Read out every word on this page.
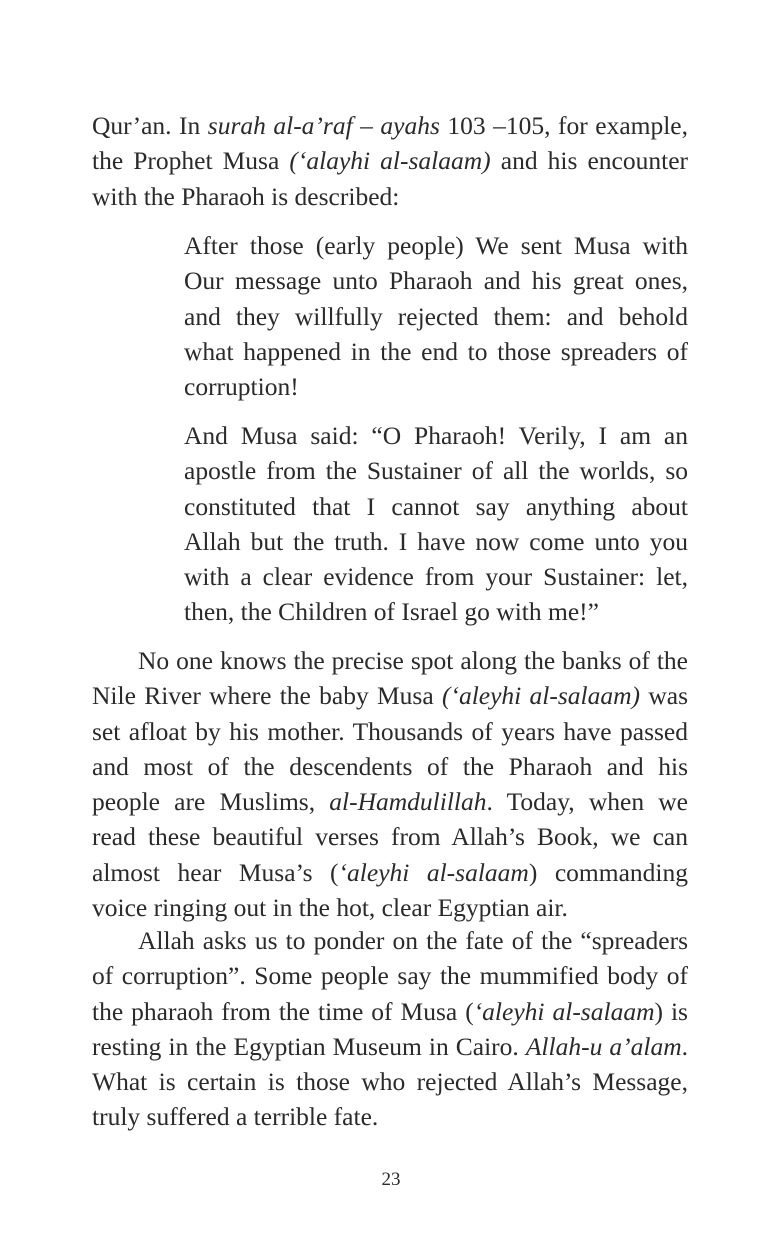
Qur’an. In surah al-a’raf – ayahs 103 –105, for example, the Prophet Musa (‘alayhi al-salaam) and his encounter with the Pharaoh is described:

After those (early people) We sent Musa with Our message unto Pharaoh and his great ones, and they willfully rejected them: and behold what happened in the end to those spreaders of corruption!

And Musa said: “O Pharaoh! Verily, I am an apostle from the Sustainer of all the worlds, so constituted that I cannot say anything about Allah but the truth. I have now come unto you with a clear evidence from your Sustainer: let, then, the Children of Israel go with me!”

No one knows the precise spot along the banks of the Nile River where the baby Musa (‘aleyhi al-salaam) was set afloat by his mother. Thousands of years have passed and most of the descendents of the Pharaoh and his people are Muslims, al-Hamdulillah. Today, when we read these beautiful verses from Allah’s Book, we can almost hear Musa’s (‘aleyhi al-salaam) commanding voice ringing out in the hot, clear Egyptian air.

Allah asks us to ponder on the fate of the “spreaders of corruption”. Some people say the mummified body of the pharaoh from the time of Musa (‘aleyhi al-salaam) is resting in the Egyptian Museum in Cairo. Allah-u a’alam. What is certain is those who rejected Allah’s Message, truly suffered a terrible fate.

23
